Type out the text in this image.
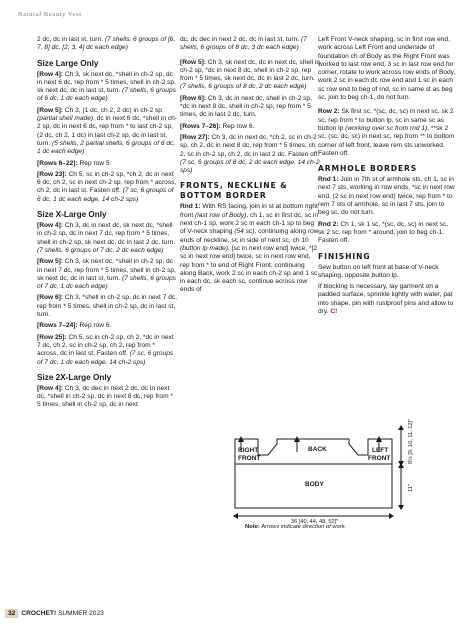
Natural Beauty Vest

2 dc, dc in last st, turn. (7 shells, 6 groups of [6, 7, 8] dc, [2, 3, 4] dc each edge)

Size Large Only

[Row 4]: Ch 3, sk next dc, *shell in ch-2 sp, dc in next 6 dc, rep from * 5 times, shell in ch-2 sp, sk next dc, dc in last st, turn. (7 shells, 6 groups of 6 dc, 1 dc each edge)

[Row 5]: Ch 3, (1 dc, ch 2, 2 dc) in ch-2 sp (partial shell made), dc in next 6 dc, *shell in ch-2 sp, dc in next 6 dc, rep from * to last ch-2 sp, (2 dc, ch 2, 1 dc) in last ch-2 sp, dc in last st, turn. (5 shells, 2 partial shells, 6 groups of 6 dc, 1 dc each edge)

[Rows 6–22]: Rep row 5.

[Row 23]: Ch 5, sc in ch-2 sp, *ch 2, dc in next 6 dc, ch 2, sc in next ch-2 sp, rep from * across, ch 2, dc in last st. Fasten off. (7 sc, 6 groups of 6 dc, 1 dc each edge, 14 ch-2 sps)

Size X-Large Only

[Row 4]: Ch 3, dc in next dc, sk next dc, *shell in ch-2 sp, dc in next 7 dc, rep from * 5 times, shell in ch-2 sp, sk next dc, dc in last 2 dc, turn. (7 shells, 6 groups of 7 dc, 2 dc each edge)

[Row 5]: Ch 3, sk next dc, *shell in ch-2 sp, dc in next 7 dc, rep from * 5 times, shell in ch-2 sp, sk next dc, dc in last st, turn. (7 shells, 6 groups of 7 dc, 1 dc each edge)

[Row 6]: Ch 3, *shell in ch-2 sp, dc in next 7 dc, rep from * 5 times, shell in ch-2 sp, dc in last st, turn.

[Rows 7–24]: Rep row 6.

[Row 25]: Ch 5, sc in ch-2 sp, ch 2, *dc in next 7 dc, ch 2, sc in ch-2 sp, ch 2, rep from * across, dc in last st. Fasten off. (7 sc, 6 groups of 7 dc, 1 dc each edge, 14 ch-2 sps)

Size 2X-Large Only

[Row 4]: Ch 3, dc dec in next 2 dc, dc in next dc, *shell in ch-2 sp, dc in next 8 dc, rep from * 5 times, shell in ch-2 sp, dc in next

dc, dc dec in next 2 dc, dc in last st, turn. (7 shells, 6 groups of 8 dc, 3 dc each edge)

[Row 5]: Ch 3, sk next dc, dc in next dc, shell in ch-2 sp, *dc in next 8 dc, shell in ch-2 sp, rep from * 5 times, sk next dc, dc in last 2 dc, turn. (7 shells, 6 groups of 8 dc, 2 dc each edge)

[Row 6]: Ch 3, dc in next dc, shell in ch-2 sp, *dc in next 8 dc, shell in ch-2 sp, rep from * 5 times, dc in last 2 dc, turn.

[Rows 7–26]: Rep row 6.

[Row 27]: Ch 3, dc in next dc, *ch 2, sc in ch-2 sp, ch 2, dc in next 8 dc, rep from * 5 times, ch 2, sc in ch-2 sp, ch 2, dc in last 2 dc. Fasten off. (7 sc, 6 groups of 8 dc, 2 dc each edge, 14 ch-2 sps)

FRONTS, NECKLINE & BOTTOM BORDER

Rnd 1: With RS facing, join in st at bottom right front (last row of Body), ch 1, sc in first dc, sc in next ch-1 sp, work 2 sc in each ch-1 sp to beg of V-neck shaping (54 sc), continuing along row ends of neckline, sc in side of next sc, ch 10 (button lp made), [sc in next row end] twice, *[2 sc in next row end] twice, sc in next row end, rep from * to end of Right Front, continuing along Back, work 2 sc in each ch-2 sp and 1 sc in each dc, sk each sc, continue across row ends of

Left Front V-neck shaping, sc in first row end, work across Left Front and underside of foundation ch of Body as the Right Front was worked to last row end, 3 sc in last row end for corner, rotate to work across row ends of Body, work 2 sc in each dc row end and 1 sc in each sc row end to beg of rnd, sc in same st as beg sc, join to beg ch-1, do not turn.

Row 2: Sk first sc, *(sc, dc, sc) in next sc, sk 2 sc, rep from * to button lp, sc in same sc as button lp (working over sc from rnd 1), **sk 2 sc, (sc, dc, sc) in next sc, rep from ** to bottom corner of left front, leave rem sts unworked. Fasten off.

ARMHOLE BORDERS

Rnd 1: Join in 7th st of armhole sts, ch 1, sc in next 7 sts, working in row ends, *sc in next row end, (2 sc in next row end) twice, rep from * to rem 7 sts of armhole, sc in last 7 sts, join to beg sc, do not turn.

Rnd 2: Ch 1, sk 1 sc, *(sc, dc, sc) in next sc, sk 2 sc, rep from * around, join to beg ch-1. Fasten off.

FINISHING

Sew button on left front at base of V-neck shaping, opposite button lp.

If blocking is necessary, lay garment on a padded surface, sprinkle lightly with water, pat into shape, pin with rustproof pins and allow to dry. C!

RIGHT
FRONT
BACK	LEFT
FRONT
BODY
8½ [9, 10, 11, 12]"
11"
36 [40, 44, 48, 52]"
Note: Arrows indicate direction of work.
32 CROCHET! SUMMER 2023
